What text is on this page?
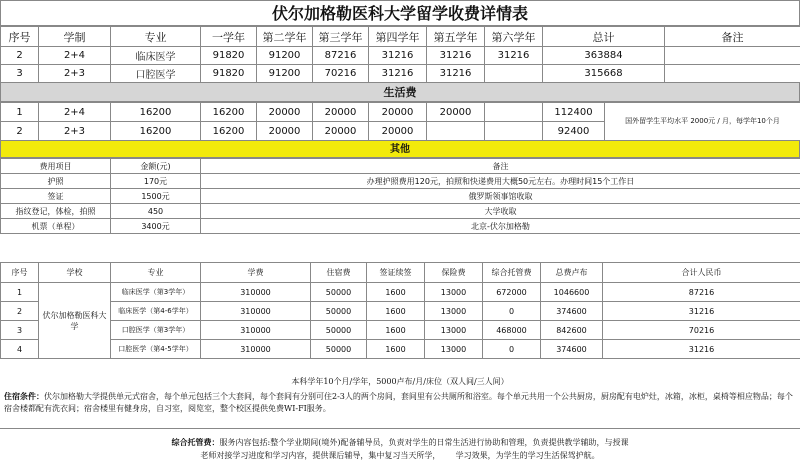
伏尔加格勒医科大学留学收费详情表
序号	学制	专业	一学年	第二学年	第三学年	第四学年	第五学年	第六学年	总计	备注
2	2+4	临床医学	91820	91200	87216	31216	31216	31216	363884	
3	2+3	口腔医学	91820	91200	70216	31216	31216		315668	
生活费
1	2+4	16200	16200	20000	20000	20000	20000		112400	国外留学生平均水平 2000元 / 月，每学年10个月
2	2+3	16200	16200	20000	20000	20000			92400	
其他
费用项目	金额(元)	备注
护照	170元	办理护照费用120元，拍照和快递费用大概50元左右。办理时间15个工作日
签证	1500元	俄罗斯领事馆收取
指纹登记，体检，拍照	450	大学收取
机票（单程）	3400元	北京-伏尔加格勒
序号	学校	专业	学费	住宿费	签证续签	保险费	综合托管费	总费卢布	合计人民币
1	伏尔加格勒医科大学	临床医学（第3学年）	310000	50000	1600	13000	672000	1046600	87216
2		临床医学（第4-6学年）	310000	50000	1600	13000	0	374600	31216
3		口腔医学（第3学年）	310000	50000	1600	13000	468000	842600	70216
4		口腔医学（第4-5学年）	310000	50000	1600	13000	0	374600	31216
本科学年10个月/学年，5000卢布/月/床位（双人间/三人间）
住宿条件：伏尔加格勒大学提供单元式宿舍，每个单元包括三个大套间，每个套间有分别可住2-3人的两个房间，套间里有公共厕所和浴室。每个单元共用一个公共厨房，厨房配有电炉灶，冰箱，冰柜，桌椅等相应物品；每个宿舍楼都配有洗衣间；宿舍楼里有健身房，自习室，阅览室，整个校区提供免费WI-FI服务。
综合托管费：服务内容包括:整个学业期间(境外)配备辅导员，负责对学生的日常生活进行协助和管理，负责提供教学辅助，与授课
老师对接学习进度和学习内容，提供课后辅导，集中复习当天所学，      学习效果，为学生的学习生活保驾护航。
